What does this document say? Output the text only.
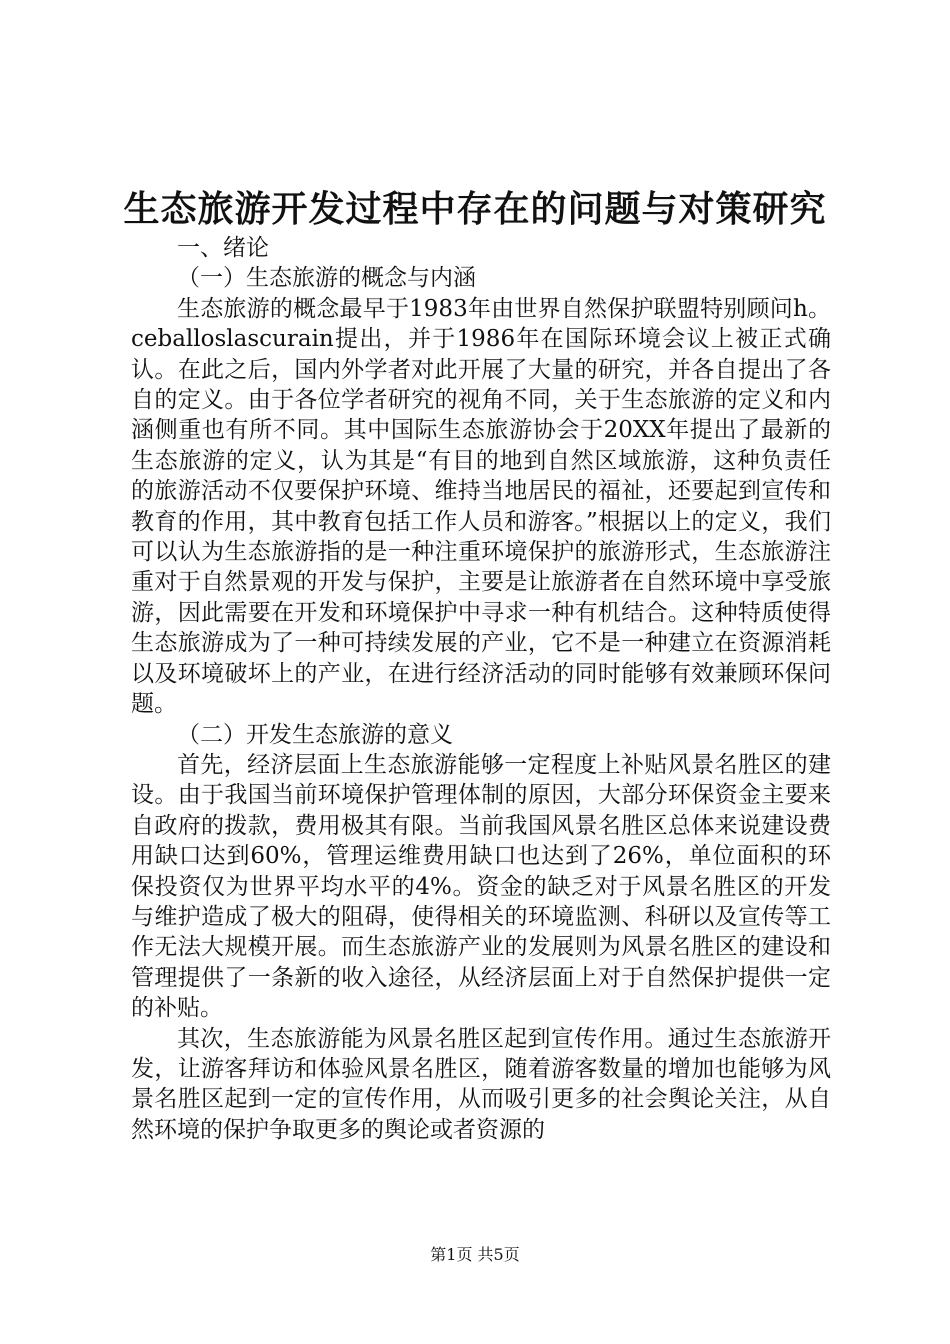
生态旅游开发过程中存在的问题与对策研究

一、绪论

（一）生态旅游的概念与内涵

生态旅游的概念最早于1983年由世界自然保护联盟特别顾问h。ceballoslascurain提出，并于1986年在国际环境会议上被正式确认。在此之后，国内外学者对此开展了大量的研究，并各自提出了各自的定义。由于各位学者研究的视角不同，关于生态旅游的定义和内涵侧重也有所不同。其中国际生态旅游协会于20XX年提出了最新的生态旅游的定义，认为其是“有目的地到自然区域旅游，这种负责任的旅游活动不仅要保护环境、维持当地居民的福祉，还要起到宣传和教育的作用，其中教育包括工作人员和游客。”根据以上的定义，我们可以认为生态旅游指的是一种注重环境保护的旅游形式，生态旅游注重对于自然景观的开发与保护，主要是让旅游者在自然环境中享受旅游，因此需要在开发和环境保护中寻求一种有机结合。这种特质使得生态旅游成为了一种可持续发展的产业，它不是一种建立在资源消耗以及环境破坏上的产业，在进行经济活动的同时能够有效兼顾环保问题。

（二）开发生态旅游的意义

首先，经济层面上生态旅游能够一定程度上补贴风景名胜区的建设。由于我国当前环境保护管理体制的原因，大部分环保资金主要来自政府的拨款，费用极其有限。当前我国风景名胜区总体来说建设费用缺口达到60%，管理运维费用缺口也达到了26%，单位面积的环保投资仅为世界平均水平的4%。资金的缺乏对于风景名胜区的开发与维护造成了极大的阻碍，使得相关的环境监测、科研以及宣传等工作无法大规模开展。而生态旅游产业的发展则为风景名胜区的建设和管理提供了一条新的收入途径，从经济层面上对于自然保护提供一定的补贴。

其次，生态旅游能为风景名胜区起到宣传作用。通过生态旅游开发，让游客拜访和体验风景名胜区，随着游客数量的增加也能够为风景名胜区起到一定的宣传作用，从而吸引更多的社会舆论关注，从自然环境的保护争取更多的舆论或者资源的

第1页 共5页
